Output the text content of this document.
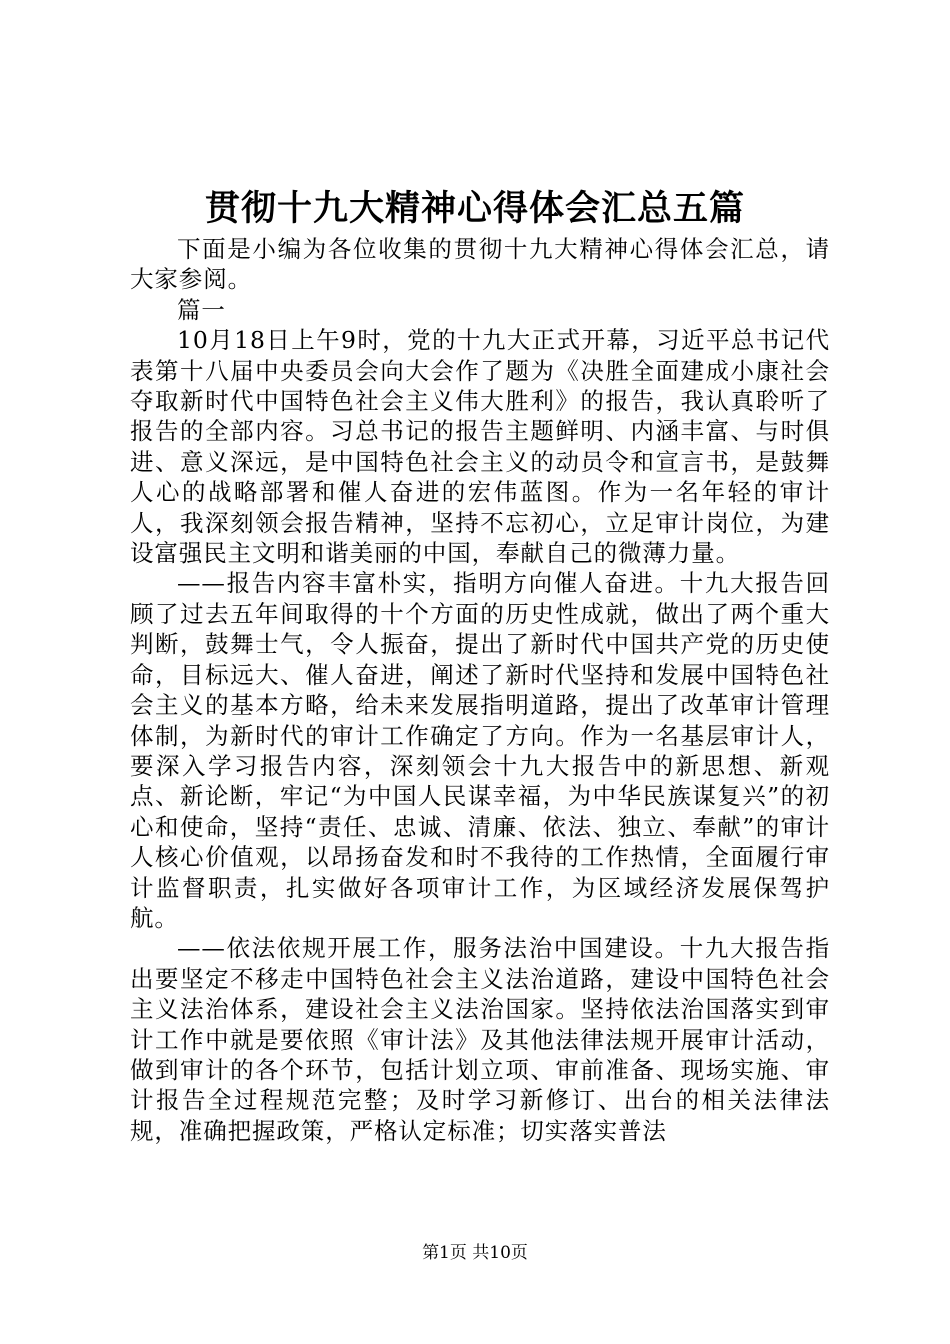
贯彻十九大精神心得体会汇总五篇

下面是小编为各位收集的贯彻十九大精神心得体会汇总，请大家参阅。

篇一

10月18日上午9时，党的十九大正式开幕，习近平总书记代表第十八届中央委员会向大会作了题为《决胜全面建成小康社会夺取新时代中国特色社会主义伟大胜利》的报告，我认真聆听了报告的全部内容。习总书记的报告主题鲜明、内涵丰富、与时俱进、意义深远，是中国特色社会主义的动员令和宣言书，是鼓舞人心的战略部署和催人奋进的宏伟蓝图。作为一名年轻的审计人，我深刻领会报告精神，坚持不忘初心，立足审计岗位，为建设富强民主文明和谐美丽的中国，奉献自己的微薄力量。

——报告内容丰富朴实，指明方向催人奋进。十九大报告回顾了过去五年间取得的十个方面的历史性成就，做出了两个重大判断，鼓舞士气，令人振奋，提出了新时代中国共产党的历史使命，目标远大、催人奋进，阐述了新时代坚持和发展中国特色社会主义的基本方略，给未来发展指明道路，提出了改革审计管理体制，为新时代的审计工作确定了方向。作为一名基层审计人，要深入学习报告内容，深刻领会十九大报告中的新思想、新观点、新论断，牢记“为中国人民谋幸福，为中华民族谋复兴”的初心和使命，坚持“责任、忠诚、清廉、依法、独立、奉献”的审计人核心价值观，以昂扬奋发和时不我待的工作热情，全面履行审计监督职责，扎实做好各项审计工作，为区域经济发展保驾护航。

——依法依规开展工作，服务法治中国建设。十九大报告指出要坚定不移走中国特色社会主义法治道路，建设中国特色社会主义法治体系，建设社会主义法治国家。坚持依法治国落实到审计工作中就是要依照《审计法》及其他法律法规开展审计活动，做到审计的各个环节，包括计划立项、审前准备、现场实施、审计报告全过程规范完整；及时学习新修订、出台的相关法律法规，准确把握政策，严格认定标准；切实落实普法

第1页 共10页
